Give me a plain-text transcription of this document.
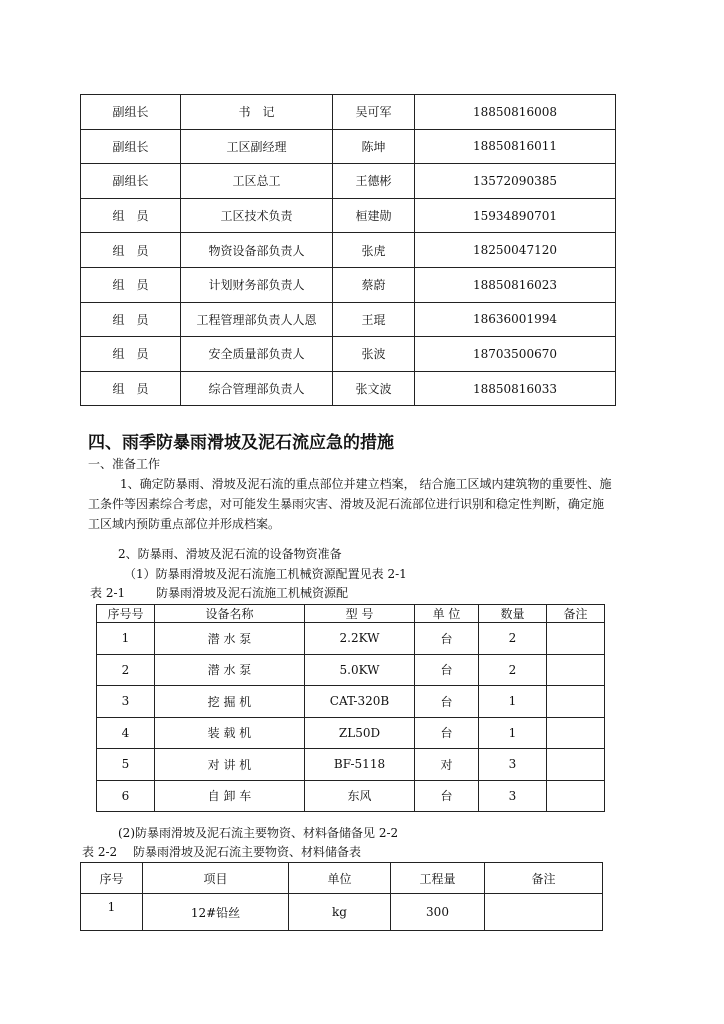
副组长	书　记	吴可军	18850816008
副组长	工区副经理	陈坤	18850816011
副组长	工区总工	王德彬	13572090385
组　员	工区技术负责	桓建勋	15934890701
组　员	物资设备部负责人	张虎	18250047120
组　员	计划财务部负责人	蔡蔚	18850816023
组　员	工程管理部负责人人恩	王琨	18636001994
组　员	安全质量部负责人	张波	18703500670
组　员	综合管理部负责人	张文波	18850816033
四、雨季防暴雨滑坡及泥石流应急的措施
一、准备工作
1、确定防暴雨、滑坡及泥石流的重点部位并建立档案， 结合施工区域内建筑物的重要性、施
工条件等因素综合考虑，对可能发生暴雨灾害、滑坡及泥石流部位进行识别和稳定性判断，确定施
工区域内预防重点部位并形成档案。
2、防暴雨、滑坡及泥石流的设备物资准备
（1）防暴雨滑坡及泥石流施工机械资源配置见表 2-1
表 2-1	防暴雨滑坡及泥石流施工机械资源配
序号号	设备名称	型 号	单 位	数量	备注
1	潜 水 泵	2.2KW	台	2	
2	潜 水 泵	5.0KW	台	2	
3	挖 掘 机	CAT-320B	台	1	
4	装 载 机	ZL50D	台	1	
5	对 讲 机	BF-5118	对	3	
6	自 卸 车	东风	台	3	
(2)防暴雨滑坡及泥石流主要物资、材料备储备见 2-2
表 2-2　 防暴雨滑坡及泥石流主要物资、材料储备表
序号	项目	单位	工程量	备注
1	12#铅丝	kg	300	
